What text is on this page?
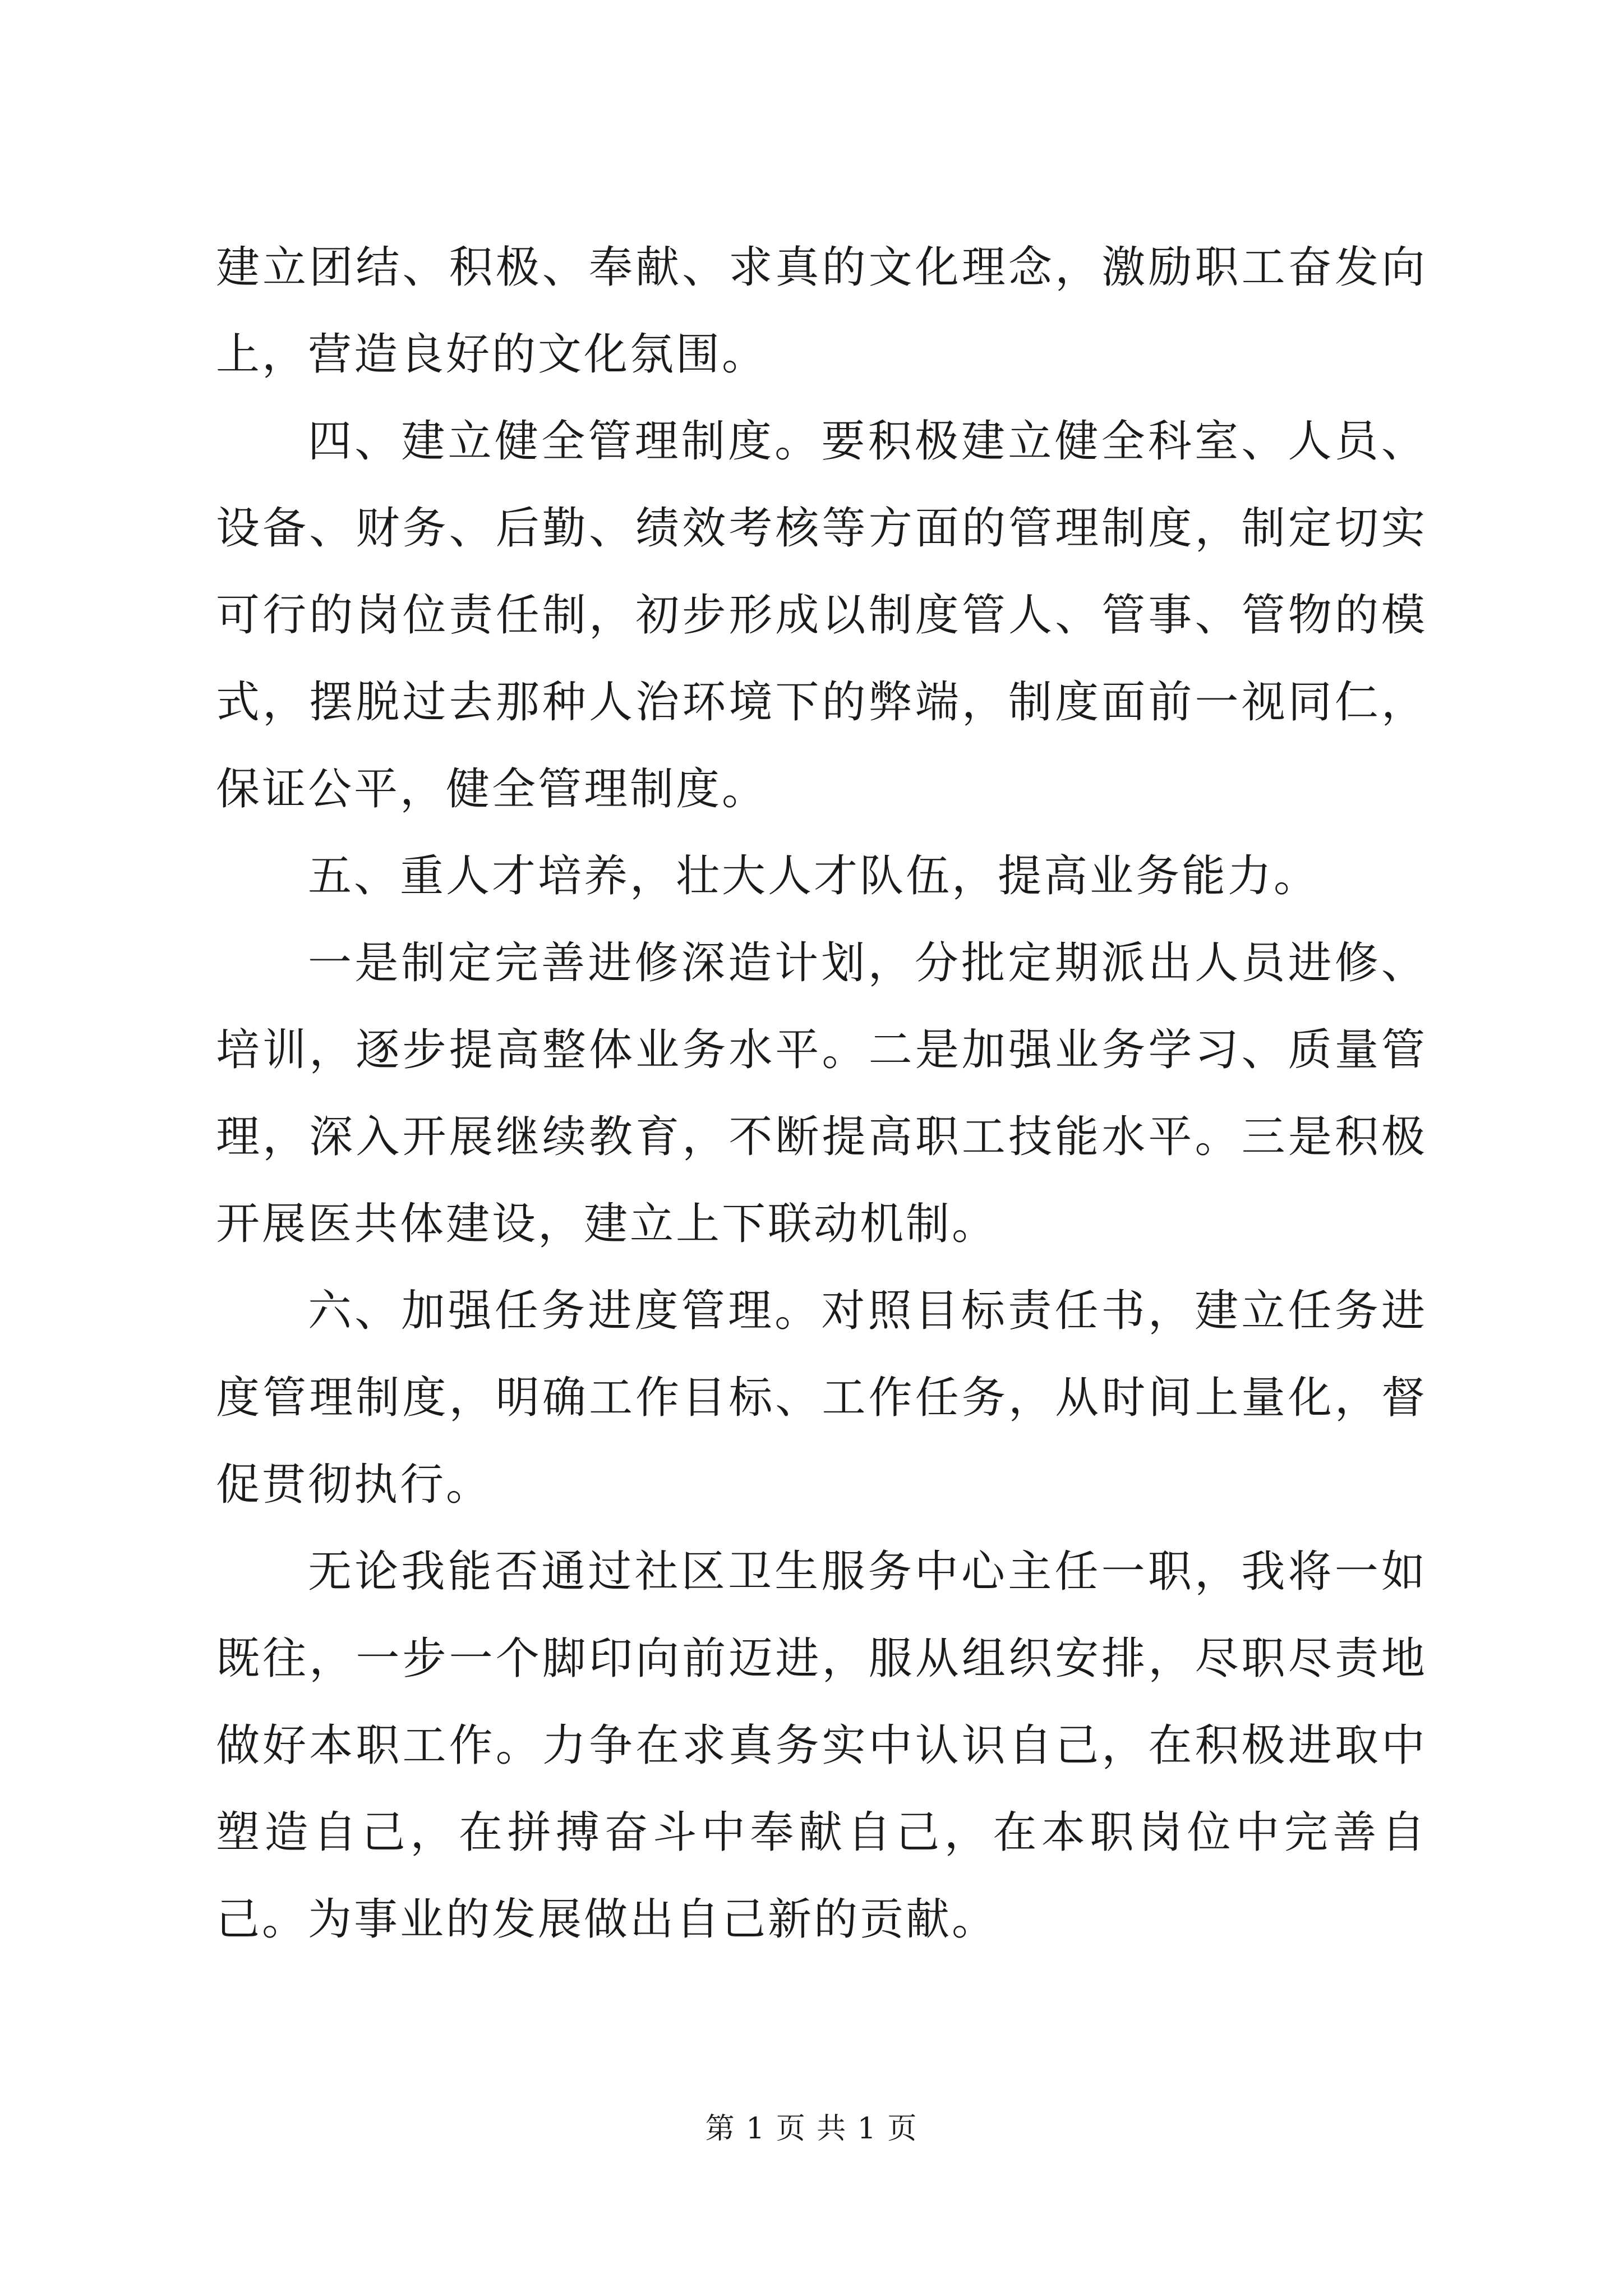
建立团结、积极、奉献、求真的文化理念，激励职工奋发向上，营造良好的文化氛围。

四、建立健全管理制度。要积极建立健全科室、人员、设备、财务、后勤、绩效考核等方面的管理制度，制定切实可行的岗位责任制，初步形成以制度管人、管事、管物的模式，摆脱过去那种人治环境下的弊端，制度面前一视同仁，保证公平，健全管理制度。

五、重人才培养，壮大人才队伍，提高业务能力。

一是制定完善进修深造计划，分批定期派出人员进修、培训，逐步提高整体业务水平。二是加强业务学习、质量管理，深入开展继续教育，不断提高职工技能水平。三是积极开展医共体建设，建立上下联动机制。

六、加强任务进度管理。对照目标责任书，建立任务进度管理制度，明确工作目标、工作任务，从时间上量化，督促贯彻执行。

无论我能否通过社区卫生服务中心主任一职，我将一如既往，一步一个脚印向前迈进，服从组织安排，尽职尽责地做好本职工作。力争在求真务实中认识自己，在积极进取中塑造自己，在拼搏奋斗中奉献自己，在本职岗位中完善自己。为事业的发展做出自己新的贡献。

第 1 页 共 1 页
